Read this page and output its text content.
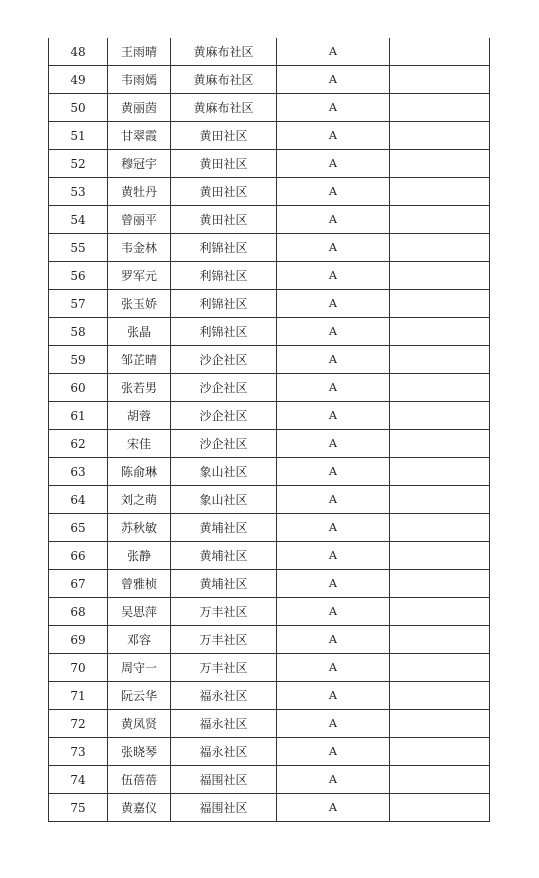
48	王雨晴	黄麻布社区	A	
49	韦雨嫣	黄麻布社区	A	
50	黄丽茵	黄麻布社区	A	
51	甘翠霞	黄田社区	A	
52	穆冠宇	黄田社区	A	
53	黄牡丹	黄田社区	A	
54	曾丽平	黄田社区	A	
55	韦金林	利锦社区	A	
56	罗军元	利锦社区	A	
57	张玉娇	利锦社区	A	
58	张晶	利锦社区	A	
59	邹芷晴	沙企社区	A	
60	张若男	沙企社区	A	
61	胡蓉	沙企社区	A	
62	宋佳	沙企社区	A	
63	陈俞琳	象山社区	A	
64	刘之萌	象山社区	A	
65	苏秋敏	黄埔社区	A	
66	张静	黄埔社区	A	
67	曾雅桢	黄埔社区	A	
68	吴思萍	万丰社区	A	
69	邓容	万丰社区	A	
70	周守一	万丰社区	A	
71	阮云华	福永社区	A	
72	黄凤贤	福永社区	A	
73	张晓琴	福永社区	A	
74	伍蓓蓓	福围社区	A	
75	黄嘉仪	福围社区	A	
